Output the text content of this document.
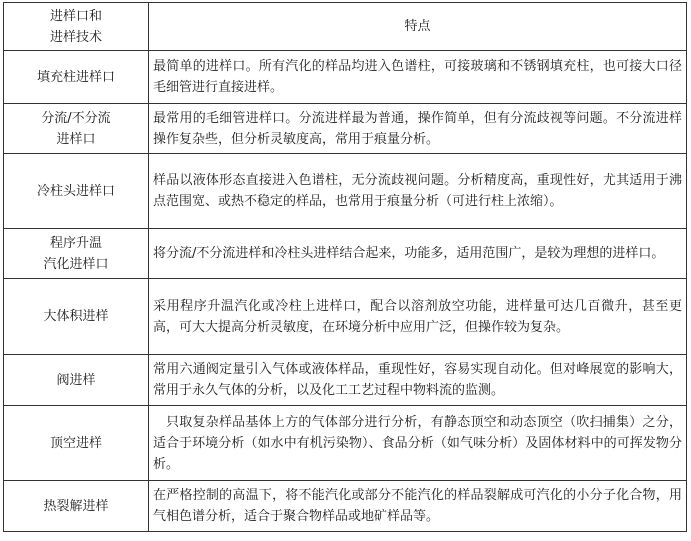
进样口和
进样技术	特点

填充柱进样口	最简单的进样口。所有汽化的样品均进入色谱柱，可接玻璃和不锈钢填充柱，也可接大口径毛细管进行直接进样。

分流/不分流
进样口	最常用的毛细管进样口。分流进样最为普通，操作简单，但有分流歧视等问题。不分流进样操作复杂些，但分析灵敏度高，常用于痕量分析。

冷柱头进样口	样品以液体形态直接进入色谱柱，无分流歧视问题。分析精度高，重现性好，尤其适用于沸点范围宽、或热不稳定的样品，也常用于痕量分析（可进行柱上浓缩）。

程序升温
汽化进样口	将分流/不分流进样和冷柱头进样结合起来，功能多，适用范围广，是较为理想的进样口。

大体积进样	采用程序升温汽化或冷柱上进样口，配合以溶剂放空功能，进样量可达几百微升，甚至更高，可大大提高分析灵敏度，在环境分析中应用广泛，但操作较为复杂。

阀进样	常用六通阀定量引入气体或液体样品，重现性好，容易实现自动化。但对峰展宽的影响大，常用于永久气体的分析，以及化工工艺过程中物料流的监测。

顶空进样	只取复杂样品基体上方的气体部分进行分析，有静态顶空和动态顶空（吹扫捕集）之分，适合于环境分析（如水中有机污染物）、食品分析（如气味分析）及固体材料中的可挥发物分析。

热裂解进样	在严格控制的高温下，将不能汽化或部分不能汽化的样品裂解成可汽化的小分子化合物，用气相色谱分析，适合于聚合物样品或地矿样品等。
